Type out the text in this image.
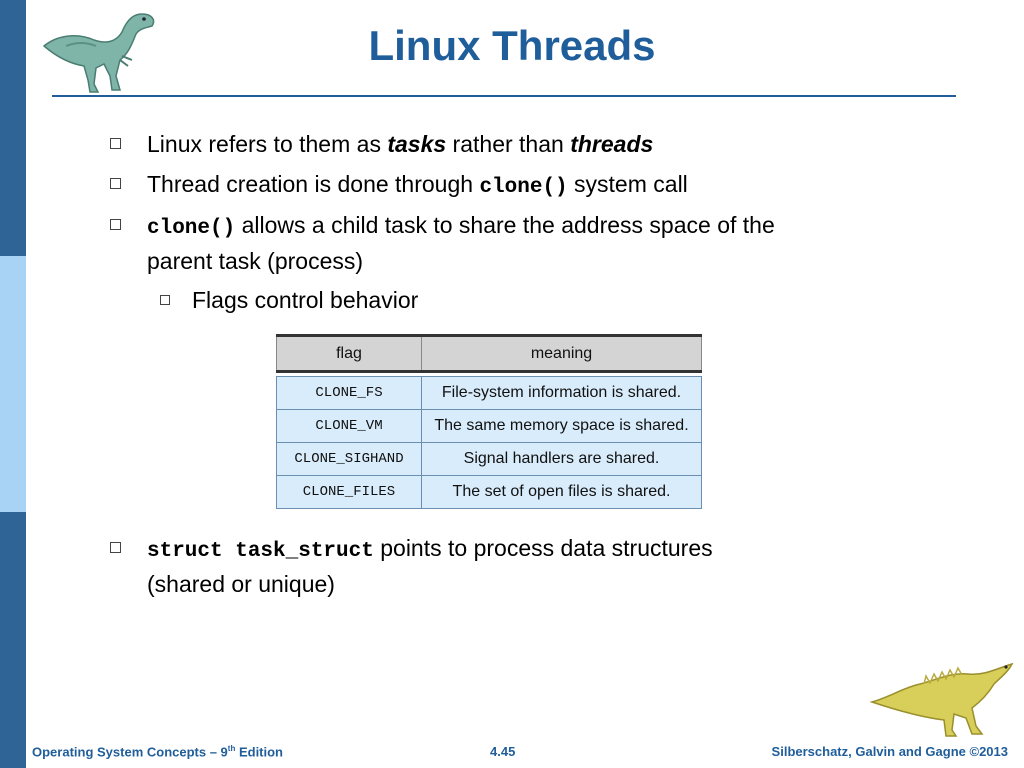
Linux Threads
Linux refers to them as tasks rather than threads
Thread creation is done through clone() system call
clone() allows a child task to share the address space of the
parent task (process)
Flags control behavior
flag	meaning

CLONE_FS	File-system information is shared.
CLONE_VM	The same memory space is shared.
CLONE_SIGHAND	Signal handlers are shared.
CLONE_FILES	The set of open files is shared.
struct task_struct points to process data structures
(shared or unique)
Operating System Concepts – 9th Edition	4.45	Silberschatz, Galvin and Gagne ©2013
